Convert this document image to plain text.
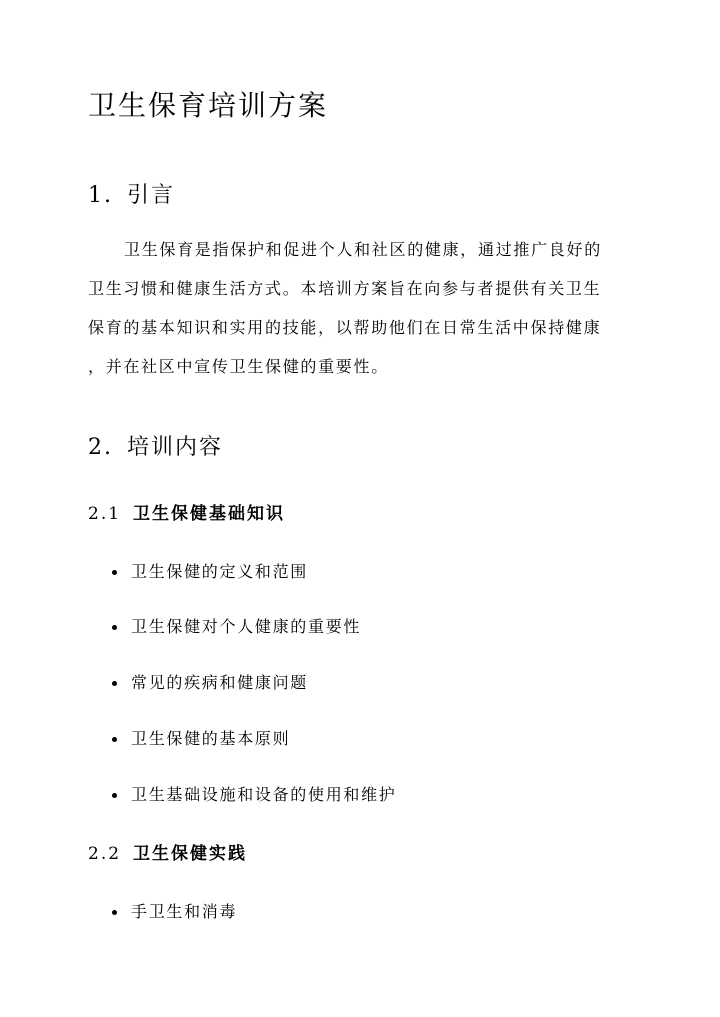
卫生保育培训方案
1. 引言

卫生保育是指保护和促进个人和社区的健康，通过推广良好的
卫生习惯和健康生活方式。本培训方案旨在向参与者提供有关卫生
保育的基本知识和实用的技能，以帮助他们在日常生活中保持健康
，并在社区中宣传卫生保健的重要性。

2. 培训内容
2.1 卫生保健基础知识
卫生保健的定义和范围
卫生保健对个人健康的重要性
常见的疾病和健康问题
卫生保健的基本原则
卫生基础设施和设备的使用和维护
2.2 卫生保健实践
手卫生和消毒
